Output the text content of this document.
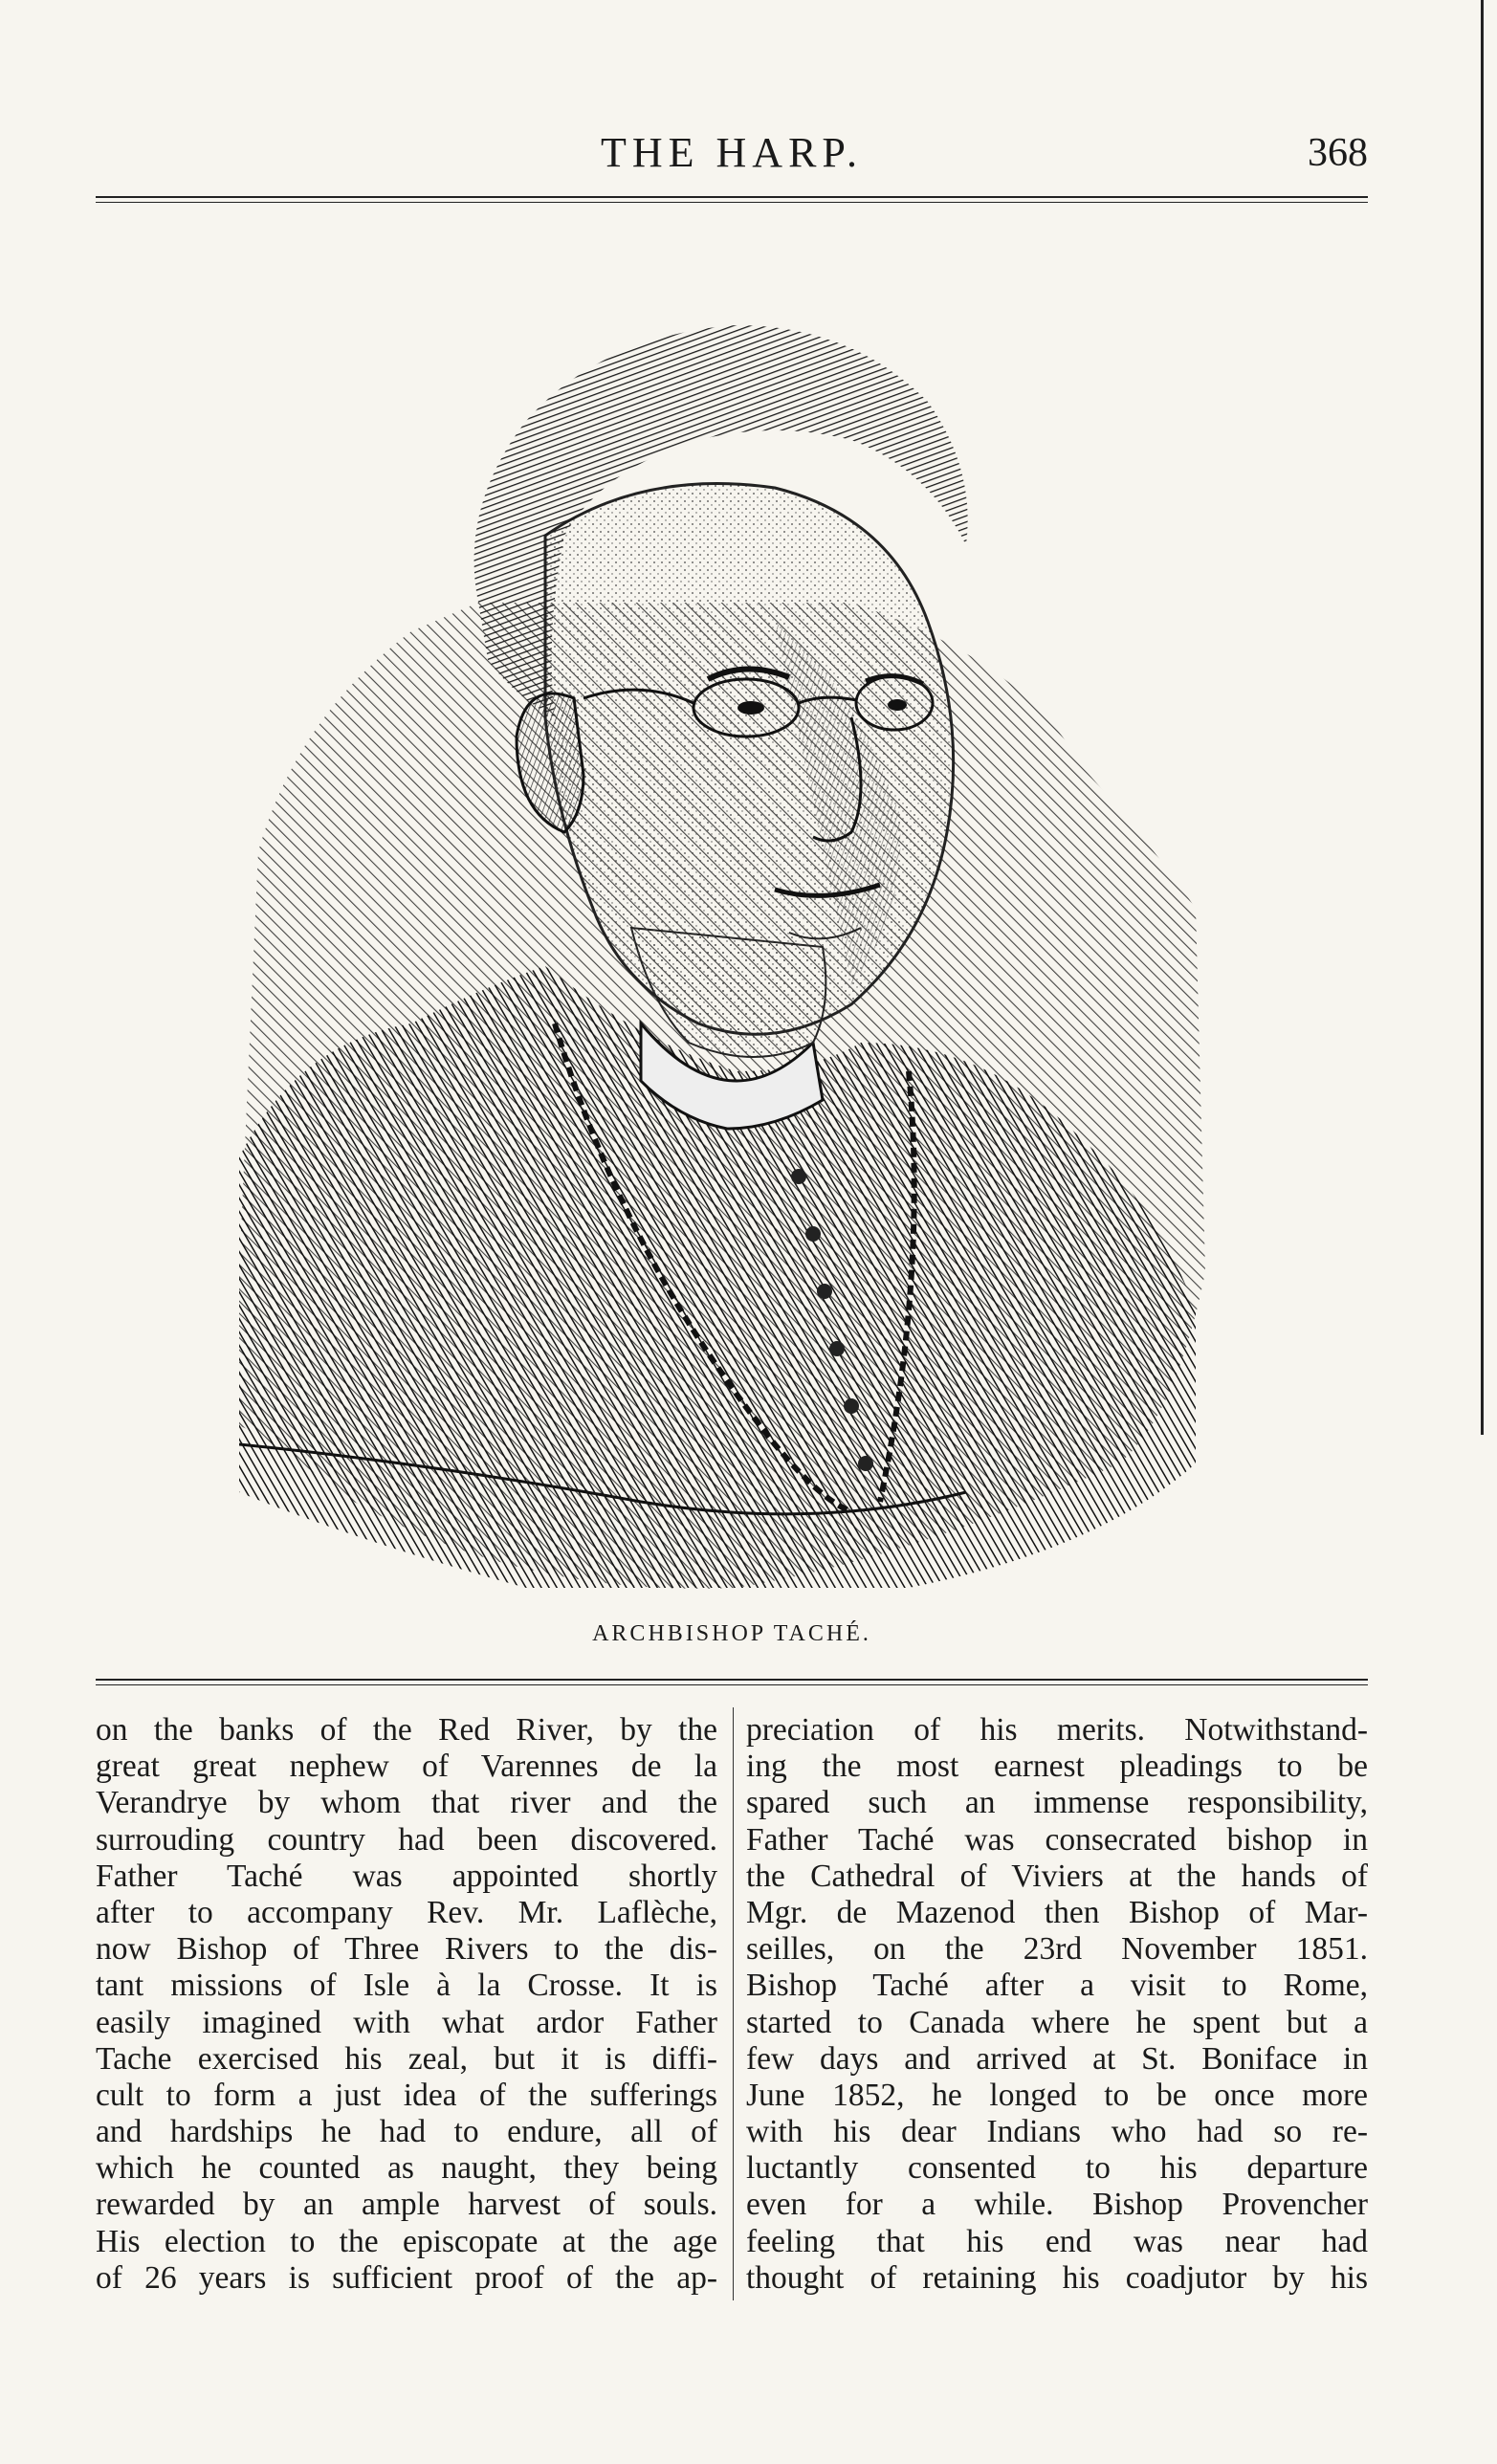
THE HARP.	368
ARCHBISHOP TACHÉ.
on the banks of the Red River, by the
great great nephew of Varennes de la
Verandrye by whom that river and the
surrouding country had been discovered.
Father Taché was appointed shortly
after to accompany Rev. Mr. Laflèche,
now Bishop of Three Rivers to the dis-
tant missions of Isle à la Crosse. It is
easily imagined with what ardor Father
Tache exercised his zeal, but it is diffi-
cult to form a just idea of the sufferings
and hardships he had to endure, all of
which he counted as naught, they being
rewarded by an ample harvest of souls.
His election to the episcopate at the age
of 26 years is sufficient proof of the ap-
preciation of his merits. Notwithstand-
ing the most earnest pleadings to be
spared such an immense responsibility,
Father Taché was consecrated bishop in
the Cathedral of Viviers at the hands of
Mgr. de Mazenod then Bishop of Mar-
seilles, on the 23rd November 1851.
Bishop Taché after a visit to Rome,
started to Canada where he spent but a
few days and arrived at St. Boniface in
June 1852, he longed to be once more
with his dear Indians who had so re-
luctantly consented to his departure
even for a while. Bishop Provencher
feeling that his end was near had
thought of retaining his coadjutor by his
